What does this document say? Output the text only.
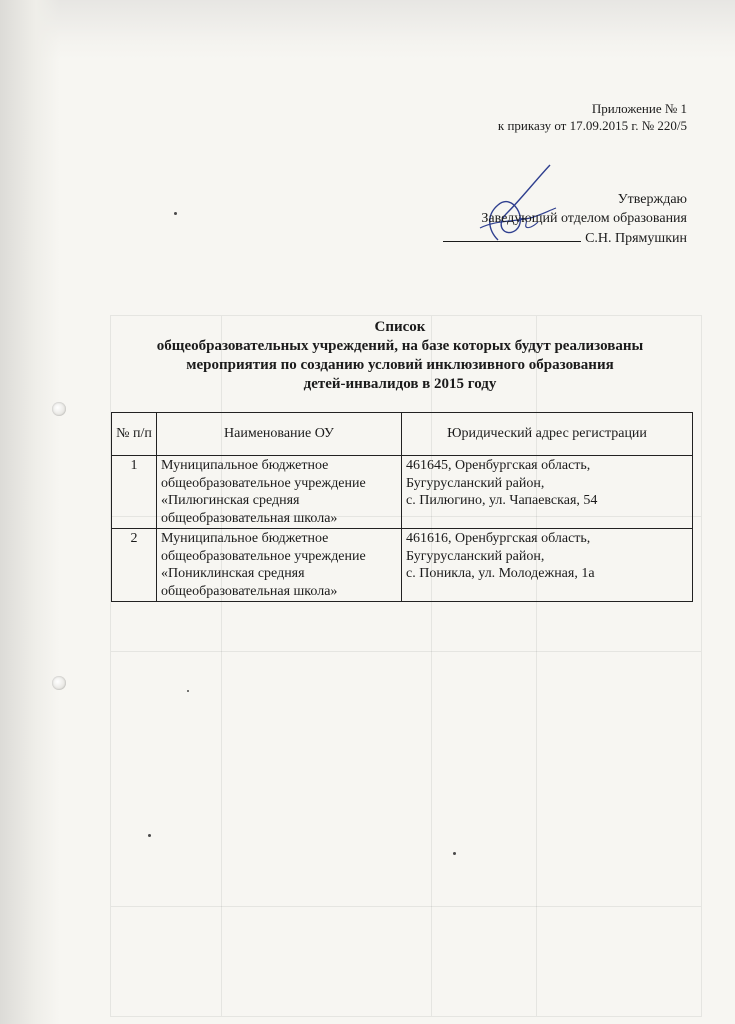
Приложение № 1
к приказу от 17.09.2015 г. № 220/5
Утверждаю
Заведующий отделом образования
С.Н. Прямушкин
Список
общеобразовательных учреждений, на базе которых будут реализованы
мероприятия по созданию условий инклюзивного образования
детей-инвалидов в 2015 году
№ п/п	Наименование ОУ	Юридический адрес регистрации
1	Муниципальное бюджетное общеобразовательное учреждение «Пилюгинская средняя общеобразовательная школа»	461645, Оренбургская область,
Бугурусланский район,
с. Пилюгино, ул. Чапаевская, 54

2	Муниципальное бюджетное общеобразовательное учреждение «Пониклинская средняя общеобразовательная школа»	461616, Оренбургская область,
Бугурусланский район,
с. Поникла, ул. Молодежная, 1а
